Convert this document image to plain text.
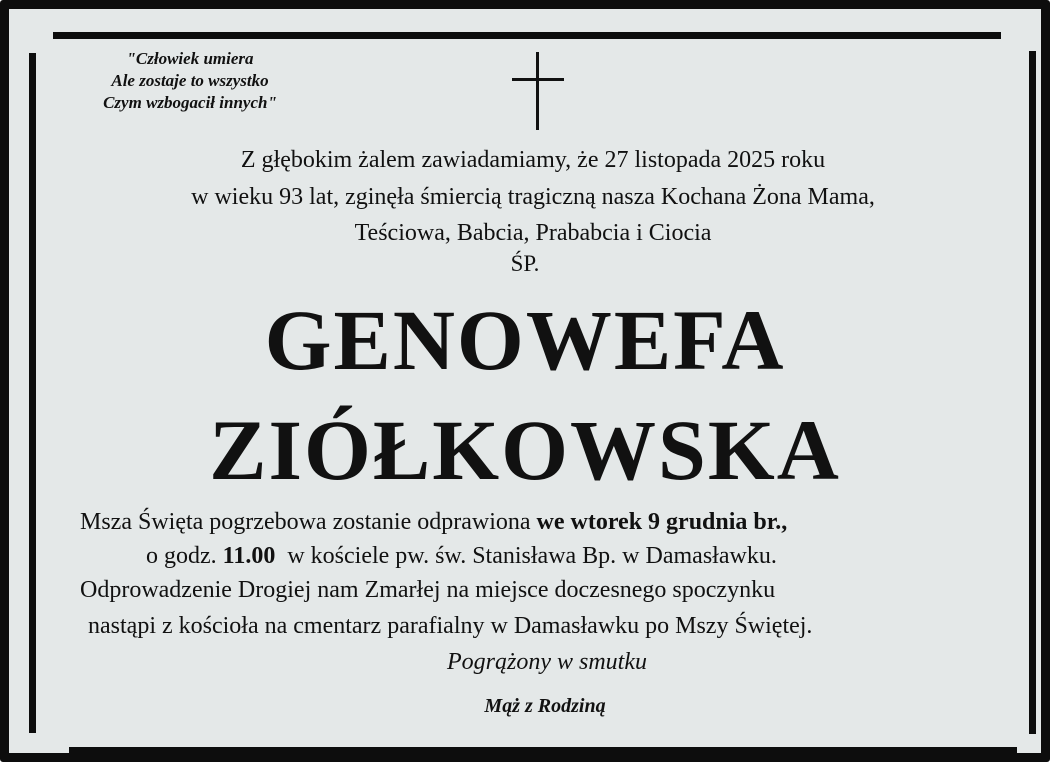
"Człowiek umiera
Ale zostaje to wszystko
Czym wzbogacił innych"
Z głębokim żalem zawiadamiamy, że 27 listopada 2025 roku
w wieku 93 lat, zginęła śmiercią tragiczną nasza Kochana Żona Mama,
Teściowa, Babcia, Prababcia i Ciocia
ŚP.
GENOWEFA
ZIÓŁKOWSKA
Msza Święta pogrzebowa zostanie odprawiona we wtorek 9 grudnia br.,
o godz. 11.00  w kościele pw. św. Stanisława Bp. w Damasławku.
Odprowadzenie Drogiej nam Zmarłej na miejsce doczesnego spoczynku
nastąpi z kościoła na cmentarz parafialny w Damasławku po Mszy Świętej.
Pogrążony w smutku
Mąż z Rodziną
